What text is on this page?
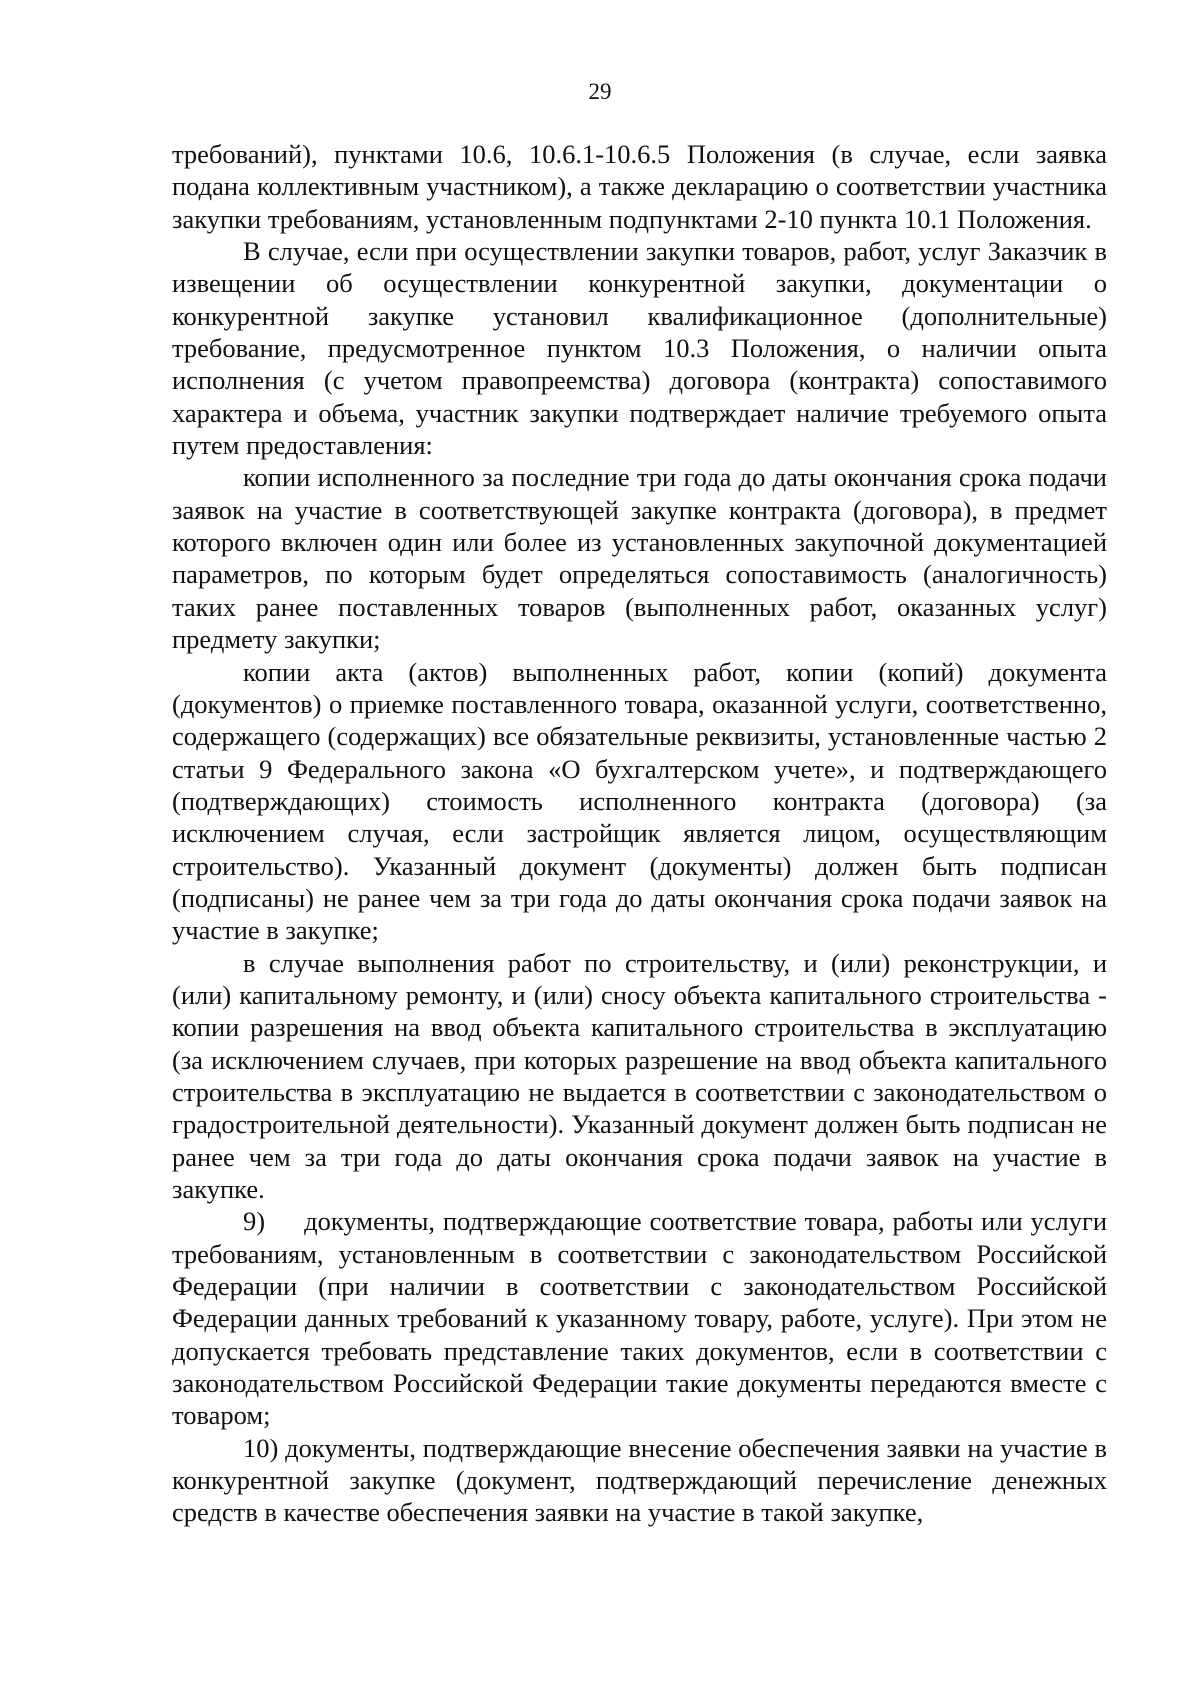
29

требований), пунктами 10.6, 10.6.1-10.6.5 Положения (в случае, если заявка подана коллективным участником), а также декларацию о соответствии участника закупки требованиям, установленным подпунктами 2-10 пункта 10.1 Положения.

В случае, если при осуществлении закупки товаров, работ, услуг Заказчик в извещении об осуществлении конкурентной закупки, документации о конкурентной закупке установил квалификационное (дополнительные) требование, предусмотренное пунктом 10.3 Положения, о наличии опыта исполнения (с учетом правопреемства) договора (контракта) сопоставимого характера и объема, участник закупки подтверждает наличие требуемого опыта путем предоставления:

копии исполненного за последние три года до даты окончания срока подачи заявок на участие в соответствующей закупке контракта (договора), в предмет которого включен один или более из установленных закупочной документацией параметров, по которым будет определяться сопоставимость (аналогичность) таких ранее поставленных товаров (выполненных работ, оказанных услуг) предмету закупки;

копии акта (актов) выполненных работ, копии (копий) документа (документов) о приемке поставленного товара, оказанной услуги, соответственно, содержащего (содержащих) все обязательные реквизиты, установленные частью 2 статьи 9 Федерального закона «О бухгалтерском учете», и подтверждающего (подтверждающих) стоимость исполненного контракта (договора) (за исключением случая, если застройщик является лицом, осуществляющим строительство). Указанный документ (документы) должен быть подписан (подписаны) не ранее чем за три года до даты окончания срока подачи заявок на участие в закупке;

в случае выполнения работ по строительству, и (или) реконструкции, и (или) капитальному ремонту, и (или) сносу объекта капитального строительства - копии разрешения на ввод объекта капитального строительства в эксплуатацию (за исключением случаев, при которых разрешение на ввод объекта капитального строительства в эксплуатацию не выдается в соответствии с законодательством о градостроительной деятельности). Указанный документ должен быть подписан не ранее чем за три года до даты окончания срока подачи заявок на участие в закупке.

9)     документы, подтверждающие соответствие товара, работы или услуги требованиям, установленным в соответствии с законодательством Российской Федерации (при наличии в соответствии с законодательством Российской Федерации данных требований к указанному товару, работе, услуге). При этом не допускается требовать представление таких документов, если в соответствии с законодательством Российской Федерации такие документы передаются вместе с товаром;

10) документы, подтверждающие внесение обеспечения заявки на участие в конкурентной закупке (документ, подтверждающий перечисление денежных средств в качестве обеспечения заявки на участие в такой закупке,
